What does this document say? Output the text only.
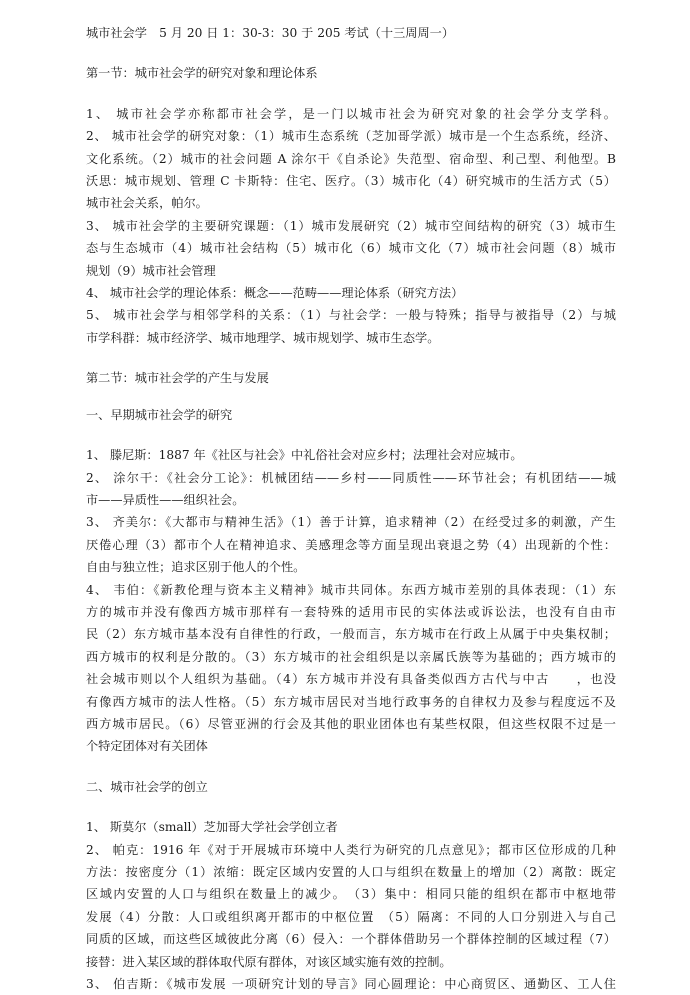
城市社会学　5 月 20 日 1：30-3：30 于 205 考试（十三周周一）
第一节：城市社会学的研究对象和理论体系
1、 城市社会学亦称都市社会学，是一门以城市社会为研究对象的社会学分支学科。
2、 城市社会学的研究对象：（1）城市生态系统（芝加哥学派）城市是一个生态系统，经济、
文化系统。（2）城市的社会问题 A 涂尔干《自杀论》失范型、宿命型、利己型、利他型。B
沃思：城市规划、管理 C 卡斯特：住宅、医疗。（3）城市化（4）研究城市的生活方式（5）
城市社会关系，帕尔。
3、 城市社会学的主要研究课题：（1）城市发展研究（2）城市空间结构的研究（3）城市生
态与生态城市（4）城市社会结构（5）城市化（6）城市文化（7）城市社会问题（8）城市
规划（9）城市社会管理
4、 城市社会学的理论体系：概念——范畴——理论体系（研究方法）
5、 城市社会学与相邻学科的关系：（1）与社会学：一般与特殊；指导与被指导（2）与城
市学科群：城市经济学、城市地理学、城市规划学、城市生态学。
第二节：城市社会学的产生与发展
一、早期城市社会学的研究
1、 滕尼斯：1887 年《社区与社会》中礼俗社会对应乡村；法理社会对应城市。
2、 涂尔干：《社会分工论》：机械团结——乡村——同质性——环节社会；有机团结——城
市——异质性——组织社会。
3、 齐美尔：《大都市与精神生活》（1）善于计算，追求精神（2）在经受过多的刺激，产生
厌倦心理（3）都市个人在精神追求、美感理念等方面呈现出衰退之势（4）出现新的个性：
自由与独立性；追求区别于他人的个性。
4、 韦伯：《新教伦理与资本主义精神》城市共同体。东西方城市差别的具体表现：（1）东
方的城市并没有像西方城市那样有一套特殊的适用市民的实体法或诉讼法，也没有自由市
民（2）东方城市基本没有自律性的行政，一般而言，东方城市在行政上从属于中央集权制；
西方城市的权利是分散的。（3）东方城市的社会组织是以亲属氏族等为基础的；西方城市的
社会城市则以个人组织为基础。（4）东方城市并没有具备类似西方古代与中古　　，也没
有像西方城市的法人性格。（5）东方城市居民对当地行政事务的自律权力及参与程度远不及
西方城市居民。（6）尽管亚洲的行会及其他的职业团体也有某些权限，但这些权限不过是一
个特定团体对有关团体
二、城市社会学的创立
1、 斯莫尔（small）芝加哥大学社会学创立者
2、 帕克：1916 年《对于开展城市环境中人类行为研究的几点意见》；都市区位形成的几种
方法：按密度分（1）浓缩：既定区域内安置的人口与组织在数量上的增加（2）离散：既定
区域内安置的人口与组织在数量上的减少。　（3）集中：相同只能的组织在都市中枢地带
发展（4）分散：人口或组织离开都市的中枢位置　（5）隔离：不同的人口分别进入与自己
同质的区域，而这些区域彼此分离（6）侵入：一个群体借助另一个群体控制的区域过程（7）
接替：进入某区域的群体取代原有群体，对该区域实施有效的控制。
3、 伯吉斯：《城市发展 一项研究计划的导言》同心圆理论：中心商贸区、通勤区、工人住
